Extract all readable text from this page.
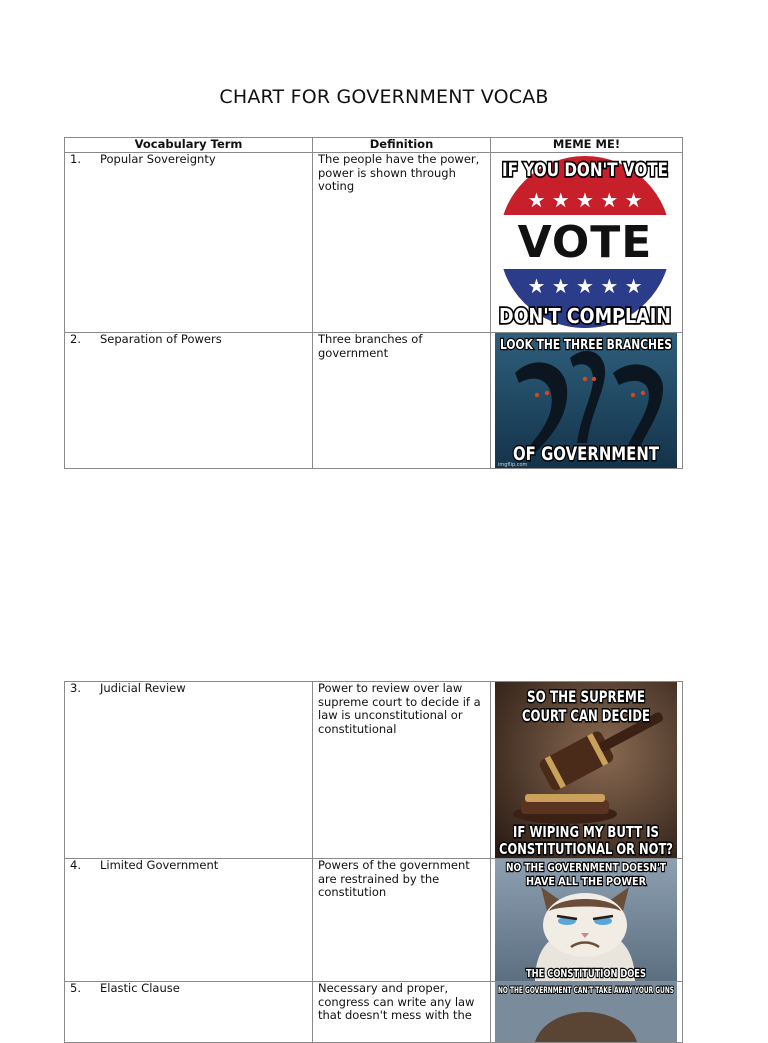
CHART FOR GOVERNMENT VOCAB
Vocabulary Term	Definition	MEME ME!
1. Popular Sovereignty	The people have the power, power is shown through voting	★ ★ ★ ★ ★
★ ★ ★ ★ ★
VOTE
IF YOU DON'T VOTE
DON'T COMPLAIN

2. Separation of Powers	Three branches of government	LOOK THE THREE BRANCHES
OF GOVERNMENT
imgflip.com
3. Judicial Review	Power to review over law supreme court to decide if a law is unconstitutional or constitutional	SO THE SUPREME
COURT CAN DECIDE
IF WIPING MY BUTT IS
CONSTITUTIONAL OR NOT?

4. Limited Government	Powers of the government are restrained by the constitution	NO THE GOVERNMENT DOESN'T
HAVE ALL THE POWER
THE CONSTITUTION DOES

5. Elastic Clause	Necessary and proper, congress can write any law that doesn't mess with the	NO THE GOVERNMENT CAN'T TAKE AWAY YOUR GUNS
